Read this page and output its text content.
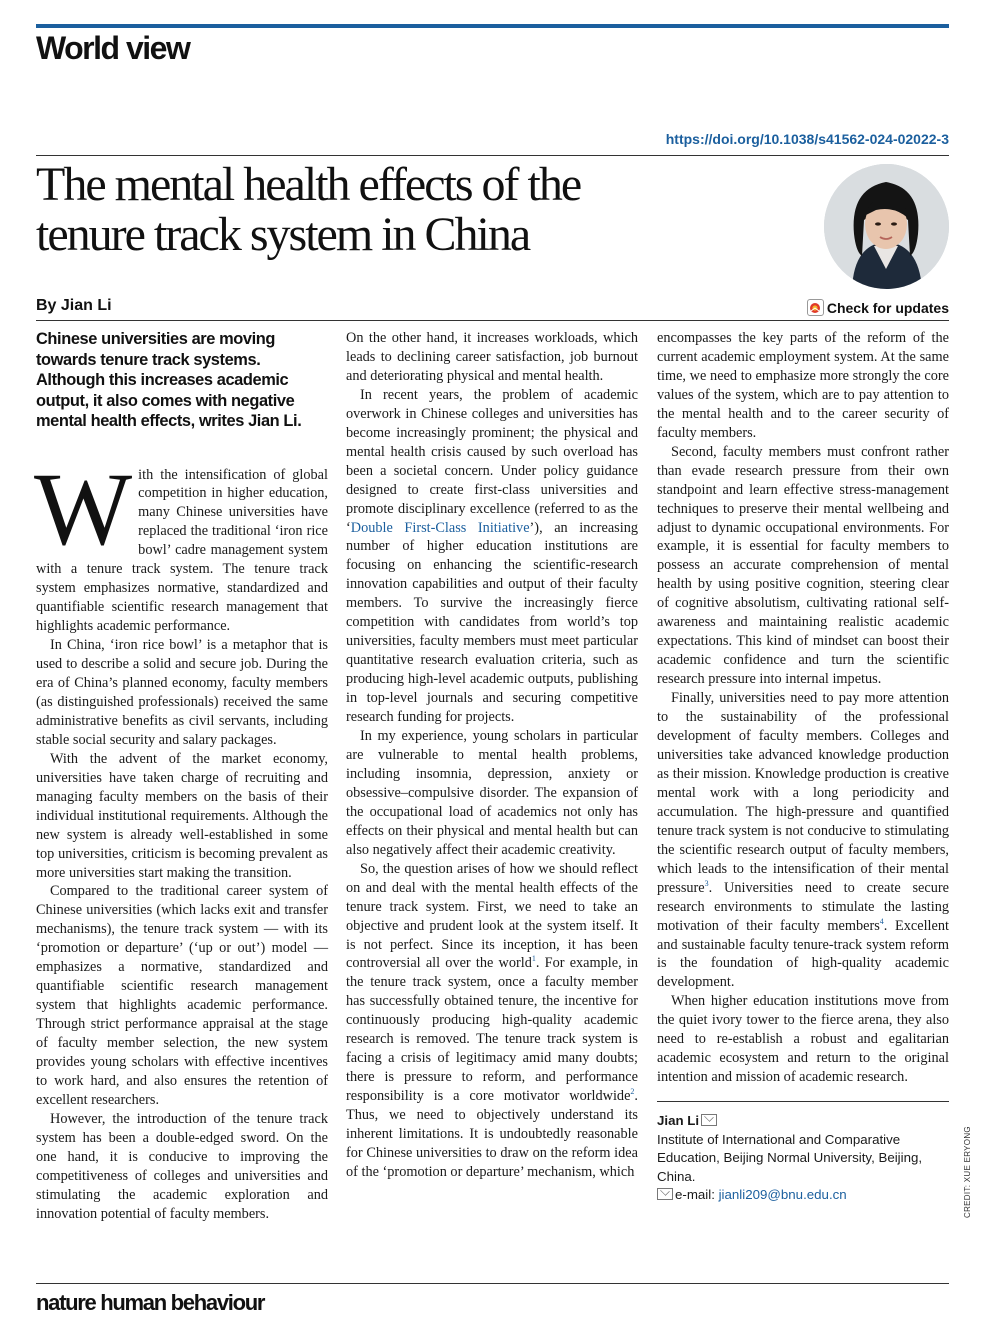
World view
https://doi.org/10.1038/s41562-024-02022-3
The mental health effects of the tenure track system in China
By Jian Li	Check for updates
Chinese universities are moving towards tenure track systems. Although this increases academic output, it also comes with negative mental health effects, writes Jian Li.

With the intensification of global competition in higher education, many Chinese universities have replaced the traditional ‘iron rice bowl’ cadre management system with a tenure track system. The tenure track system emphasizes normative, standardized and quantifiable scientific research management that highlights academic performance.

In China, ‘iron rice bowl’ is a metaphor that is used to describe a solid and secure job. During the era of China’s planned economy, faculty members (as distinguished professionals) received the same administrative benefits as civil servants, including stable social security and salary packages.

With the advent of the market economy, universities have taken charge of recruiting and managing faculty members on the basis of their individual institutional requirements. Although the new system is already well-established in some top universities, criticism is becoming prevalent as more universities start making the transition.

Compared to the traditional career system of Chinese universities (which lacks exit and transfer mechanisms), the tenure track system — with its ‘promotion or departure’ (‘up or out’) model — emphasizes a normative, standardized and quantifiable scientific research management system that highlights academic performance. Through strict performance appraisal at the stage of faculty member selection, the new system provides young scholars with effective incentives to work hard, and also ensures the retention of excellent researchers.

However, the introduction of the tenure track system has been a double-edged sword. On the one hand, it is conducive to improving the competitiveness of colleges and universities and stimulating the academic exploration and innovation potential of faculty members.

On the other hand, it increases workloads, which leads to declining career satisfaction, job burnout and deteriorating physical and mental health.

In recent years, the problem of academic overwork in Chinese colleges and universities has become increasingly prominent; the physical and mental health crisis caused by such overload has been a societal concern. Under policy guidance designed to create first-class universities and promote disciplinary excellence (referred to as the ‘Double First-Class Initiative’), an increasing number of higher education institutions are focusing on enhancing the scientific-research innovation capabilities and output of their faculty members. To survive the increasingly fierce competition with candidates from world’s top universities, faculty members must meet particular quantitative research evaluation criteria, such as producing high-level academic outputs, publishing in top-level journals and securing competitive research funding for projects.

In my experience, young scholars in particular are vulnerable to mental health problems, including insomnia, depression, anxiety or obsessive–compulsive disorder. The expansion of the occupational load of academics not only has effects on their physical and mental health but can also negatively affect their academic creativity.

So, the question arises of how we should reflect on and deal with the mental health effects of the tenure track system. First, we need to take an objective and prudent look at the system itself. It is not perfect. Since its inception, it has been controversial all over the world$^1$. For example, in the tenure track system, once a faculty member has successfully obtained tenure, the incentive for continuously producing high-quality academic research is removed. The tenure track system is facing a crisis of legitimacy amid many doubts; there is pressure to reform, and performance responsibility is a core motivator worldwide$^2$. Thus, we need to objectively understand its inherent limitations. It is undoubtedly reasonable for Chinese universities to draw on the reform idea of the ‘promotion or departure’ mechanism, which

encompasses the key parts of the reform of the current academic employment system. At the same time, we need to emphasize more strongly the core values of the system, which are to pay attention to the mental health and to the career security of faculty members.

Second, faculty members must confront rather than evade research pressure from their own standpoint and learn effective stress-management techniques to preserve their mental wellbeing and adjust to dynamic occupational environments. For example, it is essential for faculty members to possess an accurate comprehension of mental health by using positive cognition, steering clear of cognitive absolutism, cultivating rational self-awareness and maintaining realistic academic expectations. This kind of mindset can boost their academic confidence and turn the scientific research pressure into internal impetus.

Finally, universities need to pay more attention to the sustainability of the professional development of faculty members. Colleges and universities take advanced knowledge production as their mission. Knowledge production is creative mental work with a long periodicity and accumulation. The high-pressure and quantified tenure track system is not conducive to stimulating the scientific research output of faculty members, which leads to the intensification of their mental pressure$^3$. Universities need to create secure research environments to stimulate the lasting motivation of their faculty members$^4$. Excellent and sustainable faculty tenure-track system reform is the foundation of high-quality academic development.

When higher education institutions move from the quiet ivory tower to the fierce arena, they also need to re-establish a robust and egalitarian academic ecosystem and return to the original intention and mission of academic research.

Jian Li
Institute of International and Comparative Education, Beijing Normal University, Beijing, China.
e-mail: jianli209@bnu.edu.cn	CREDIT: XUE ERYONG
nature human behaviour
